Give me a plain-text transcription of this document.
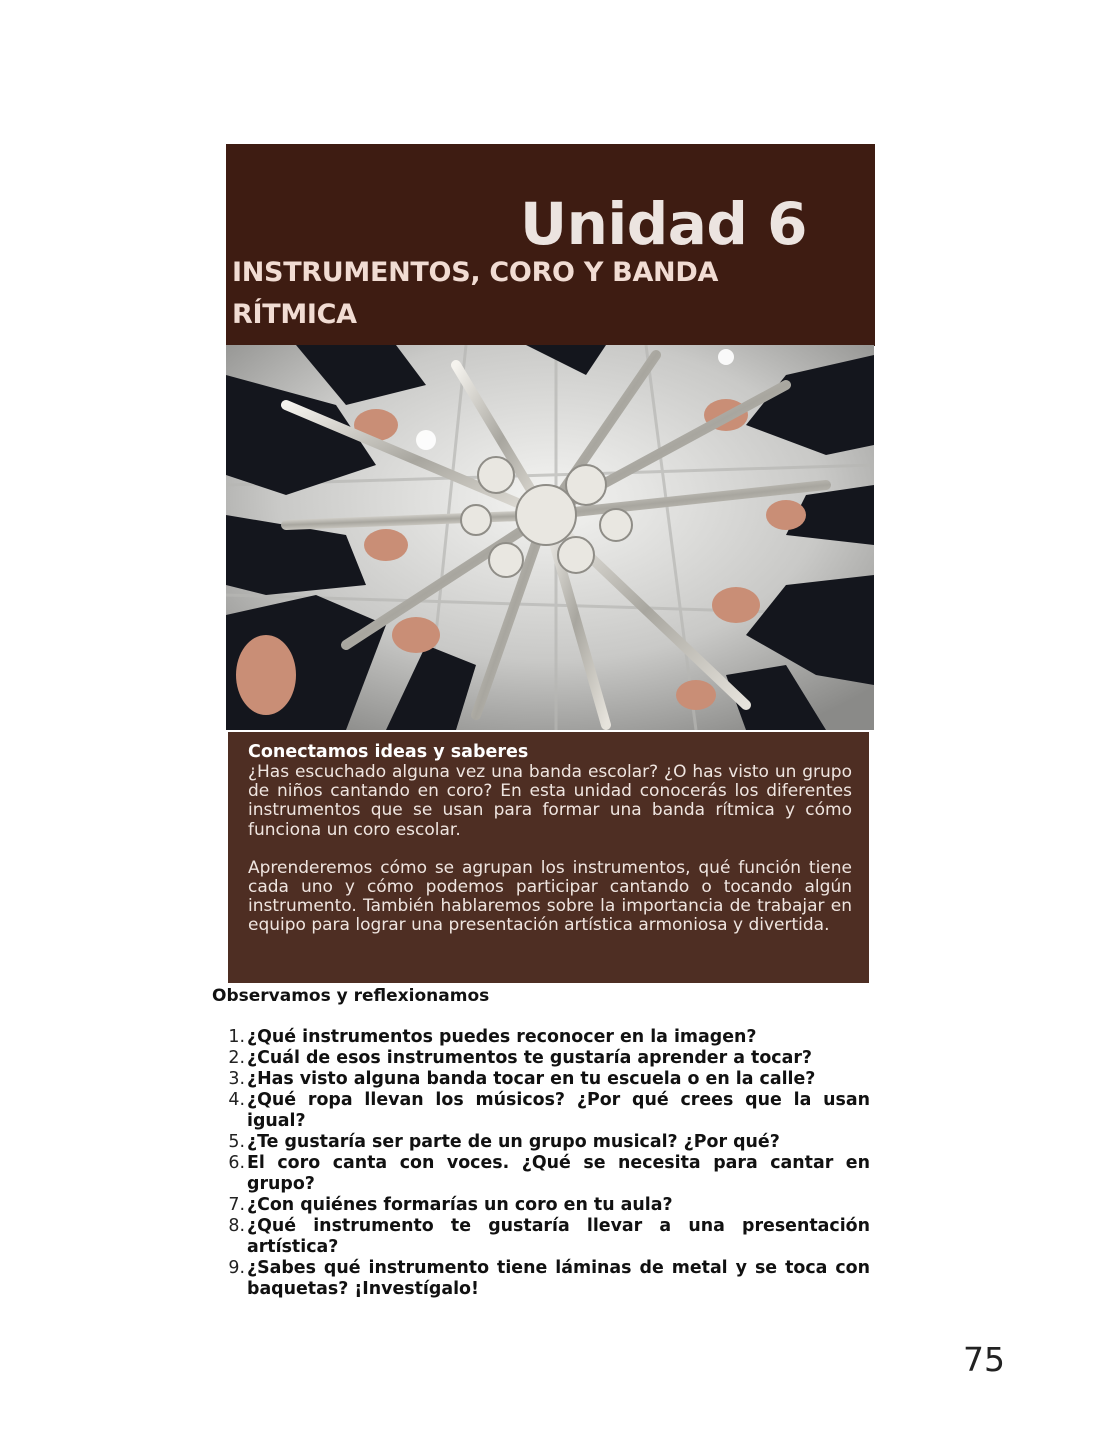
Unidad 6
INSTRUMENTOS, CORO Y BANDA RÍTMICA
Conectamos ideas y saberes

¿Has escuchado alguna vez una banda escolar? ¿O has visto un grupo de niños cantando en coro? En esta unidad conocerás los diferentes instrumentos que se usan para formar una banda rítmica y cómo funciona un coro escolar.

Aprenderemos cómo se agrupan los instrumentos, qué función tiene cada uno y cómo podemos participar cantando o tocando algún instrumento. También hablaremos sobre la importancia de trabajar en equipo para lograr una presentación artística armoniosa y divertida.

Observamos y reflexionamos
1. ¿Qué instrumentos puedes reconocer en la imagen?
2. ¿Cuál de esos instrumentos te gustaría aprender a tocar?
3. ¿Has visto alguna banda tocar en tu escuela o en la calle?
4. ¿Qué ropa llevan los músicos? ¿Por qué crees que la usan igual?
5. ¿Te gustaría ser parte de un grupo musical? ¿Por qué?
6. El coro canta con voces. ¿Qué se necesita para cantar en grupo?
7. ¿Con quiénes formarías un coro en tu aula?
8. ¿Qué instrumento te gustaría llevar a una presentación artística?
9. ¿Sabes qué instrumento tiene láminas de metal y se toca con baquetas? ¡Investígalo!
75
